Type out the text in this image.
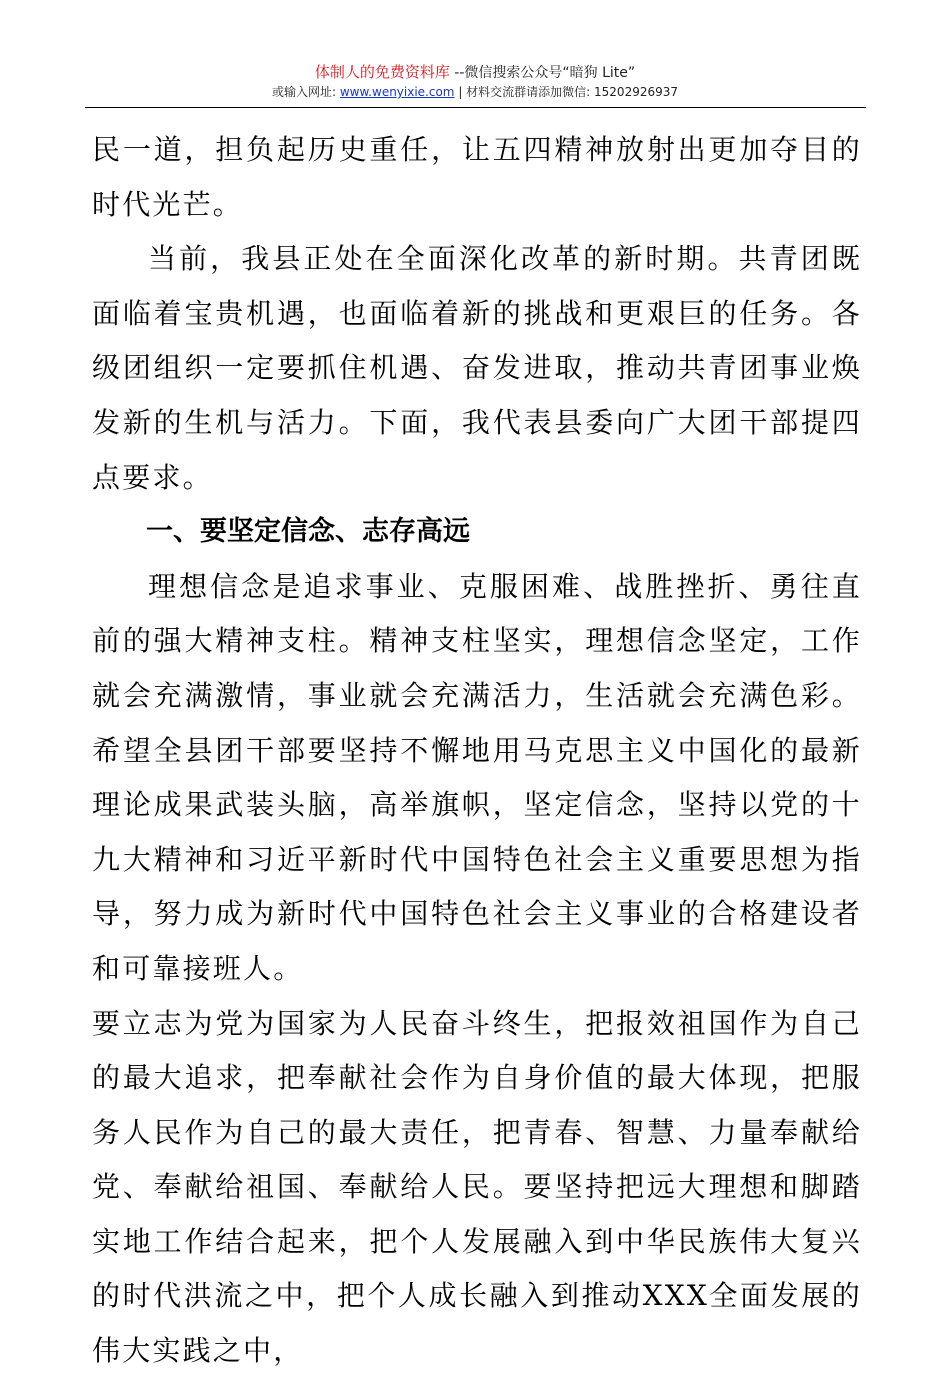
体制人的免费资料库 --微信搜索公众号“暗狗 Lite”
或输入网址: www.wenyixie.com | 材料交流群请添加微信: 15202926937

民一道，担负起历史重任，让五四精神放射出更加夺目的时代光芒。

当前，我县正处在全面深化改革的新时期。共青团既面临着宝贵机遇，也面临着新的挑战和更艰巨的任务。各级团组织一定要抓住机遇、奋发进取，推动共青团事业焕发新的生机与活力。下面，我代表县委向广大团干部提四点要求。

一、要坚定信念、志存高远

理想信念是追求事业、克服困难、战胜挫折、勇往直前的强大精神支柱。精神支柱坚实，理想信念坚定，工作就会充满激情，事业就会充满活力，生活就会充满色彩。希望全县团干部要坚持不懈地用马克思主义中国化的最新理论成果武装头脑，高举旗帜，坚定信念，坚持以党的十九大精神和习近平新时代中国特色社会主义重要思想为指导，努力成为新时代中国特色社会主义事业的合格建设者和可靠接班人。

要立志为党为国家为人民奋斗终生，把报效祖国作为自己的最大追求，把奉献社会作为自身价值的最大体现，把服务人民作为自己的最大责任，把青春、智慧、力量奉献给党、奉献给祖国、奉献给人民。要坚持把远大理想和脚踏实地工作结合起来，把个人发展融入到中华民族伟大复兴的时代洪流之中，把个人成长融入到推动XXX全面发展的伟大实践之中，
